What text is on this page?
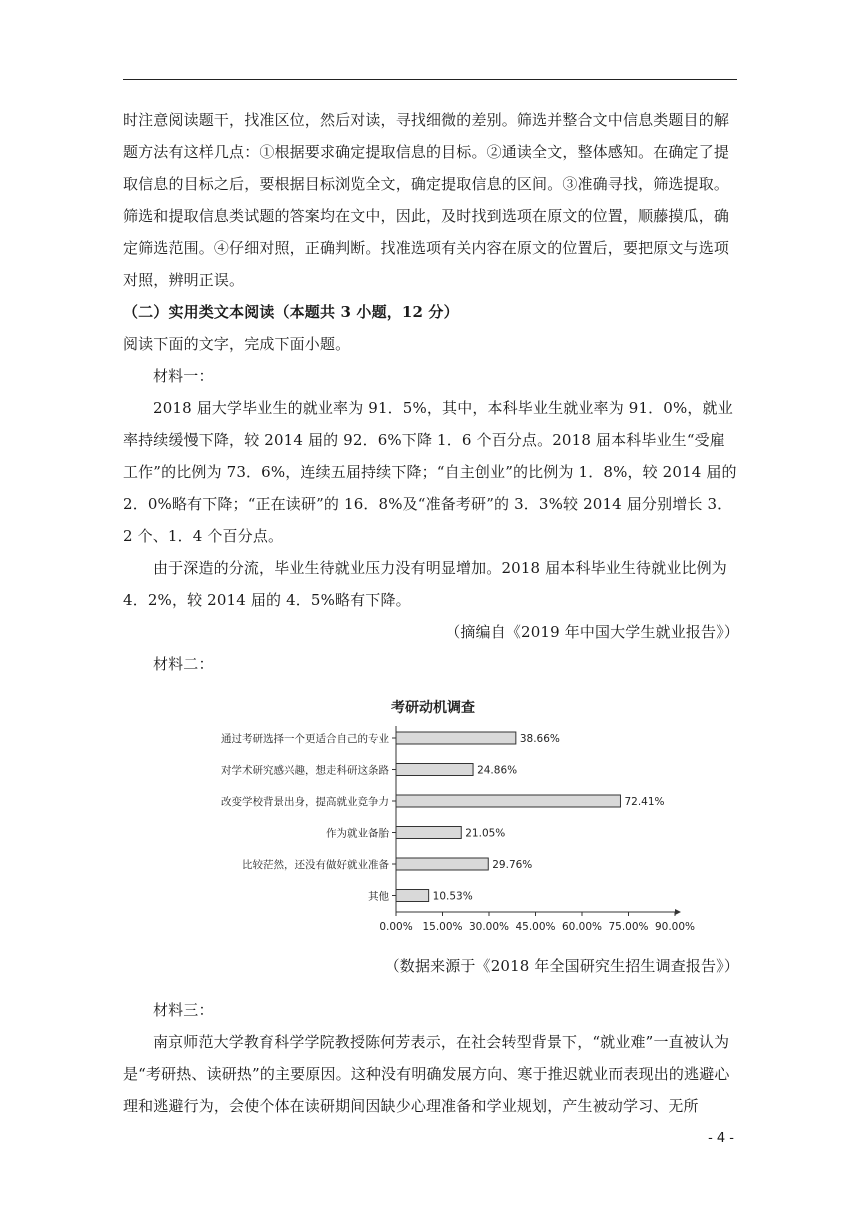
时注意阅读题干，找准区位，然后对读，寻找细微的差别。筛选并整合文中信息类题目的解

题方法有这样几点：①根据要求确定提取信息的目标。②通读全文，整体感知。在确定了提

取信息的目标之后，要根据目标浏览全文，确定提取信息的区间。③准确寻找，筛选提取。

筛选和提取信息类试题的答案均在文中，因此，及时找到选项在原文的位置，顺藤摸瓜，确

定筛选范围。④仔细对照，正确判断。找准选项有关内容在原文的位置后，要把原文与选项

对照，辨明正误。

（二）实用类文本阅读（本题共 3 小题，12 分）

阅读下面的文字，完成下面小题。

材料一：

2018 届大学毕业生的就业率为 91．5%，其中，本科毕业生就业率为 91．0%，就业率持续缓慢下降，较 2014 届的 92．6%下降 1．6 个百分点。2018 届本科毕业生“受雇工作”的比例为 73．6%，连续五届持续下降；“自主创业”的比例为 1．8%，较 2014 届的 2．0%略有下降；“正在读研”的 16．8%及“准备考研”的 3．3%较 2014 届分别增长 3．2 个、1．4 个百分点。

由于深造的分流，毕业生待就业压力没有明显增加。2018 届本科毕业生待就业比例为 4．2%，较 2014 届的 4．5%略有下降。

（摘编自《2019 年中国大学生就业报告》）

材料二：

考研动机调查
0.00% 15.00% 30.00% 45.00% 60.00% 75.00% 90.00%
通过考研选择一个更适合自己的专业	38.66%
对学术研究感兴趣，想走科研这条路	24.86%
改变学校背景出身，提高就业竞争力	72.41%
作为就业备胎	21.05%
比较茫然，还没有做好就业准备	29.76%
其他	10.53%

（数据来源于《2018 年全国研究生招生调查报告》）

材料三：

南京师范大学教育科学学院教授陈何芳表示，在社会转型背景下，“就业难”一直被认为是“考研热、读研热”的主要原因。这种没有明确发展方向、寒于推迟就业而表现出的逃避心理和逃避行为，会使个体在读研期间因缺少心理准备和学业规划，产生被动学习、无所

- 4 -
